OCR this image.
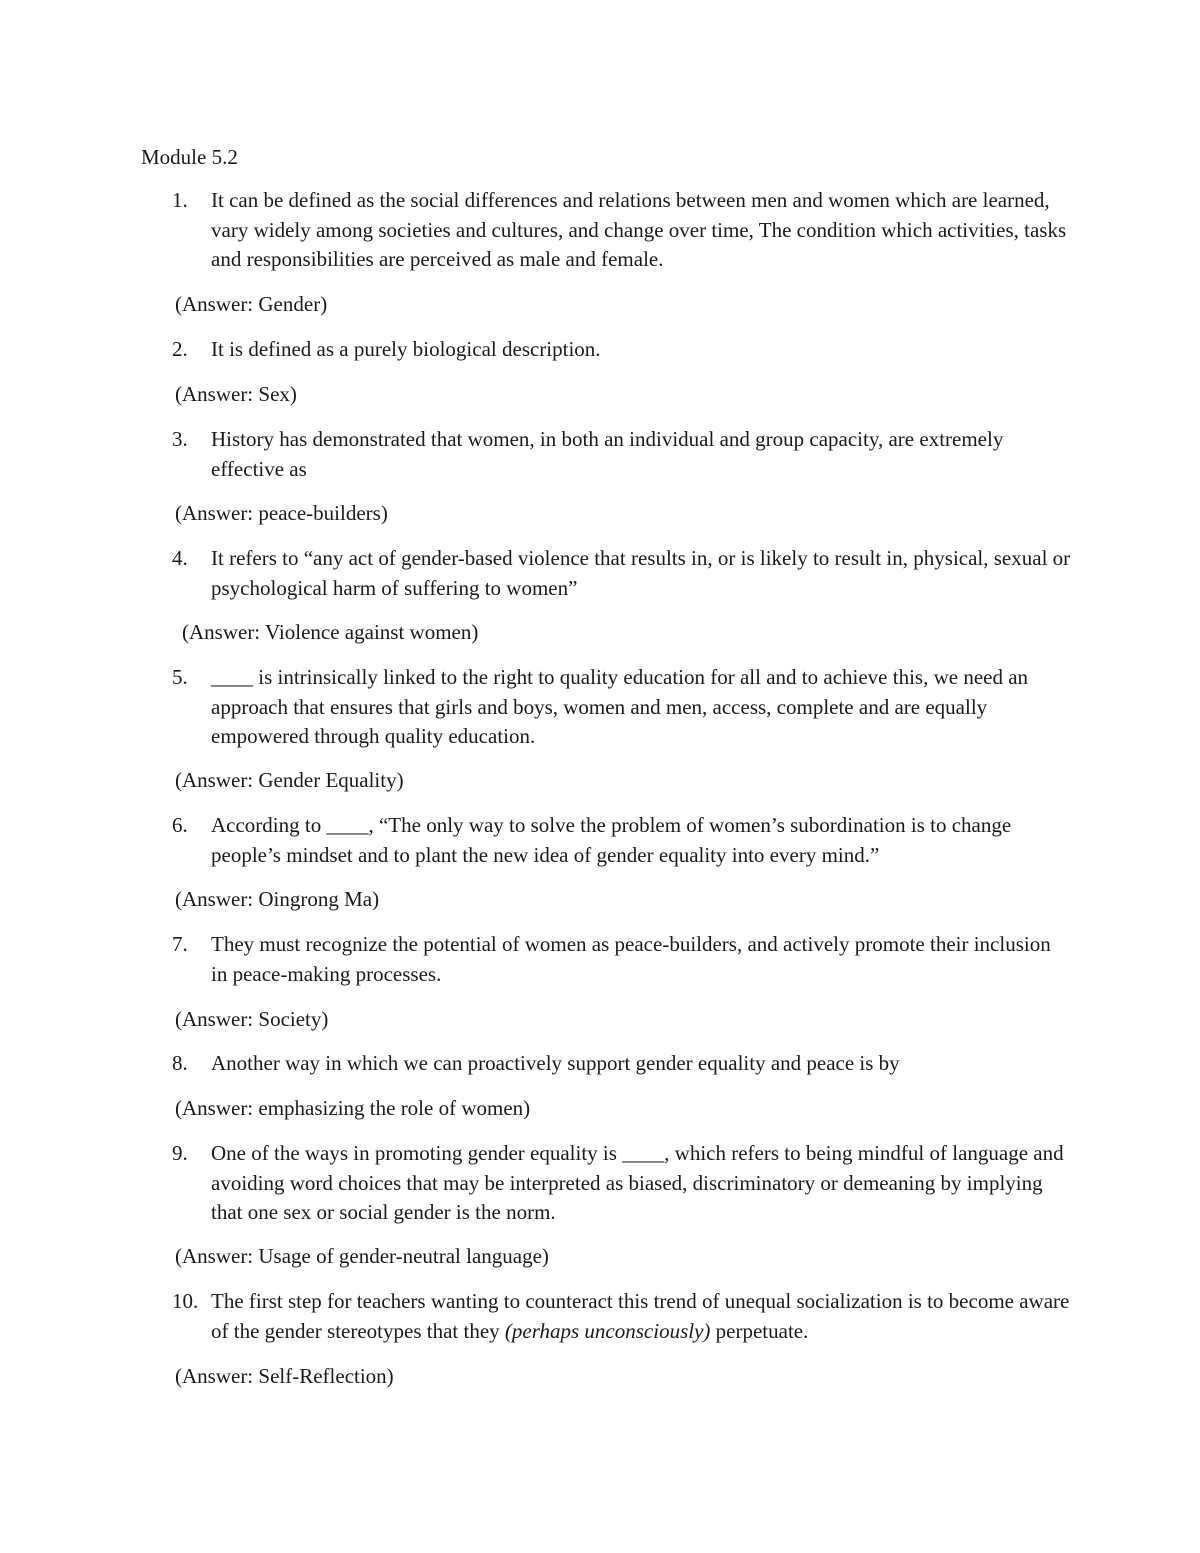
Module 5.2
1. It can be defined as the social differences and relations between men and women which are learned, vary widely among societies and cultures, and change over time, The condition which activities, tasks and responsibilities are perceived as male and female.
(Answer: Gender)
2. It is defined as a purely biological description.
(Answer: Sex)
3. History has demonstrated that women, in both an individual and group capacity, are extremely effective as
(Answer: peace-builders)
4. It refers to “any act of gender-based violence that results in, or is likely to result in, physical, sexual or psychological harm of suffering to women”
(Answer: Violence against women)
5. ____ is intrinsically linked to the right to quality education for all and to achieve this, we need an approach that ensures that girls and boys, women and men, access, complete and are equally empowered through quality education.
(Answer: Gender Equality)
6. According to ____, “The only way to solve the problem of women’s subordination is to change people’s mindset and to plant the new idea of gender equality into every mind.”
(Answer: Oingrong Ma)
7. They must recognize the potential of women as peace-builders, and actively promote their inclusion in peace-making processes.
(Answer: Society)
8. Another way in which we can proactively support gender equality and peace is by
(Answer: emphasizing the role of women)
9. One of the ways in promoting gender equality is ____, which refers to being mindful of language and avoiding word choices that may be interpreted as biased, discriminatory or demeaning by implying that one sex or social gender is the norm.
(Answer: Usage of gender-neutral language)
10. The first step for teachers wanting to counteract this trend of unequal socialization is to become aware of the gender stereotypes that they (perhaps unconsciously) perpetuate.
(Answer: Self-Reflection)
